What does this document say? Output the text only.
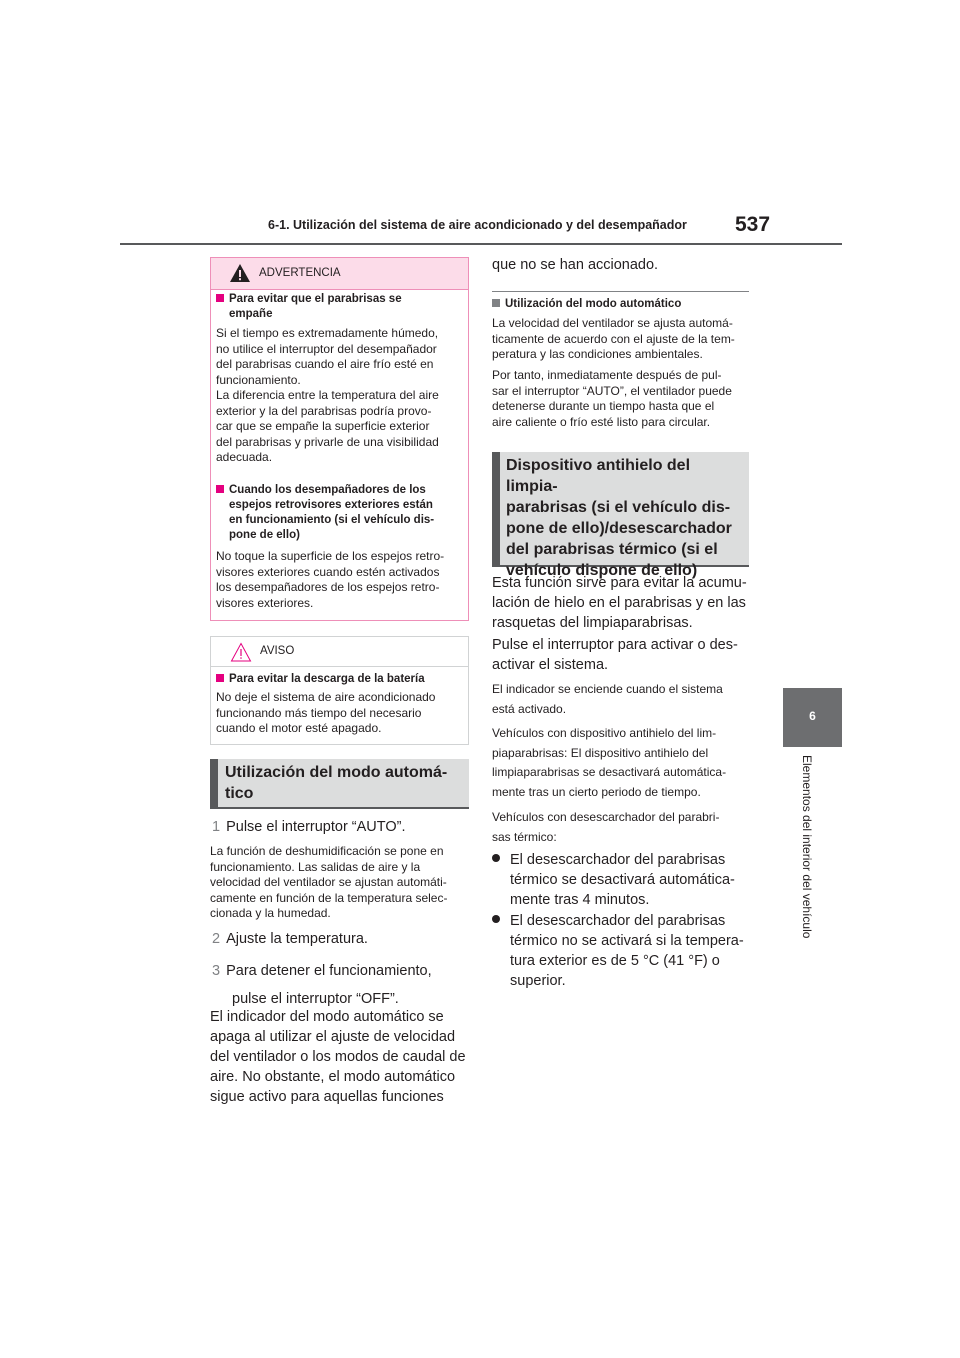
6-1. Utilización del sistema de aire acondicionado y del desempañador 537
6
Elementos del interior del vehículo
ADVERTENCIA
Para evitar que el parabrisas se
empañe
Si el tiempo es extremadamente húmedo,
no utilice el interruptor del desempañador
del parabrisas cuando el aire frío esté en
funcionamiento.
La diferencia entre la temperatura del aire
exterior y la del parabrisas podría provo-
car que se empañe la superficie exterior
del parabrisas y privarle de una visibilidad
adecuada.
Cuando los desempañadores de los
espejos retrovisores exteriores están
en funcionamiento (si el vehículo dis-
pone de ello)
No toque la superficie de los espejos retro-
visores exteriores cuando estén activados
los desempañadores de los espejos retro-
visores exteriores.
AVISO
Para evitar la descarga de la batería
No deje el sistema de aire acondicionado
funcionando más tiempo del necesario
cuando el motor esté apagado.
Utilización del modo automá-
tico
1 Pulse el interruptor “AUTO”.
La función de deshumidificación se pone en
funcionamiento. Las salidas de aire y la
velocidad del ventilador se ajustan automáti-
camente en función de la temperatura selec-
cionada y la humedad.
2 Ajuste la temperatura.
3 Para detener el funcionamiento,
pulse el interruptor “OFF”.
El indicador del modo automático se
apaga al utilizar el ajuste de velocidad
del ventilador o los modos de caudal de
aire. No obstante, el modo automático
sigue activo para aquellas funciones
que no se han accionado.
Utilización del modo automático
La velocidad del ventilador se ajusta automá-
ticamente de acuerdo con el ajuste de la tem-
peratura y las condiciones ambientales.
Por tanto, inmediatamente después de pul-
sar el interruptor “AUTO”, el ventilador puede
detenerse durante un tiempo hasta que el
aire caliente o frío esté listo para circular.
Dispositivo antihielo del limpia-
parabrisas (si el vehículo dis-
pone de ello)/desescarchador
del parabrisas térmico (si el
vehículo dispone de ello)
Esta función sirve para evitar la acumu-
lación de hielo en el parabrisas y en las
rasquetas del limpiaparabrisas.
Pulse el interruptor para activar o des-
activar el sistema.
El indicador se enciende cuando el sistema
está activado.
Vehículos con dispositivo antihielo del lim-
piaparabrisas: El dispositivo antihielo del
limpiaparabrisas se desactivará automática-
mente tras un cierto periodo de tiempo.
Vehículos con desescarchador del parabri-
sas térmico:
El desescarchador del parabrisas
térmico se desactivará automática-
mente tras 4 minutos.
El desescarchador del parabrisas
térmico no se activará si la tempera-
tura exterior es de 5 °C (41 °F) o
superior.
